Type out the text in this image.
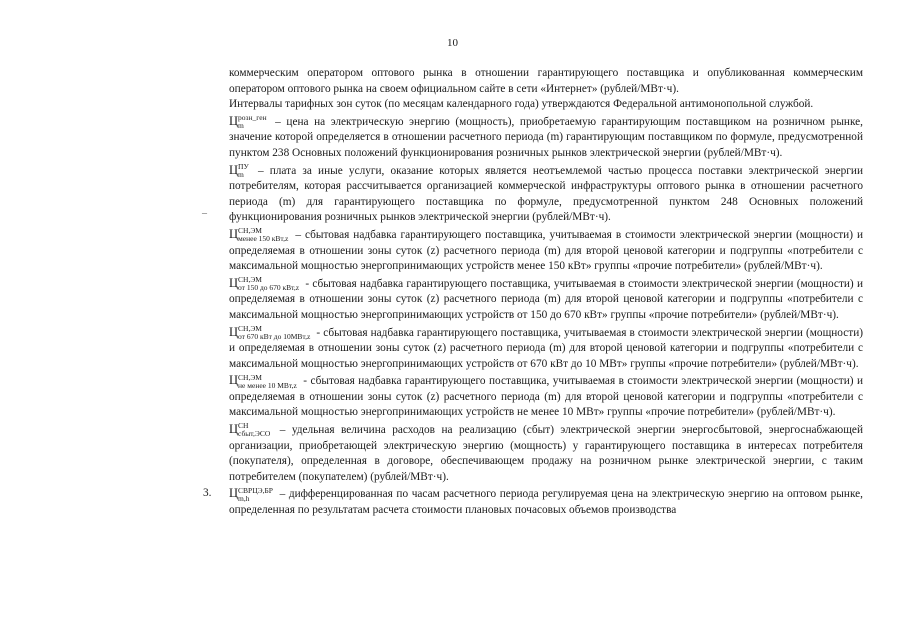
10
–

коммерческим оператором оптового рынка в отношении гарантирующего поставщика и опубликованная коммерческим оператором оптового рынка на своем официальном сайте в сети «Интернет» (рублей/МВт·ч).

Интервалы тарифных зон суток (по месяцам календарного года) утверждаются Федеральной антимонопольной службой.

Ц розн_ген
m	– цена на электрическую энергию (мощность), приобретаемую гарантирующим поставщиком на розничном рынке, значение которой определяется в отношении расчетного периода (m) гарантирующим поставщиком по формуле, предусмотренной пунктом 238 Основных положений функционирования розничных рынков электрической энергии (рублей/МВт·ч).

Ц ПУ
m	– плата за иные услуги, оказание которых является неотъемлемой частью процесса поставки электрической энергии потребителям, которая рассчитывается организацией коммерческой инфраструктуры оптового рынка в отношении расчетного периода (m) для гарантирующего поставщика по формуле, предусмотренной пунктом 248 Основных положений функционирования розничных рынков электрической энергии (рублей/МВт·ч).

Ц СН,ЭМ
менее 150 кВт,z – сбытовая надбавка гарантирующего поставщика, учитываемая в стоимости электрической энергии (мощности) и определяемая в отношении зоны суток (z) расчетного периода (m) для второй ценовой категории и подгруппы «потребители с максимальной мощностью энергопринимающих устройств менее 150 кВт» группы «прочие потребители» (рублей/МВт·ч).

Ц СН,ЭМ
от 150 до 670 кВт,z - сбытовая надбавка гарантирующего поставщика, учитываемая в стоимости электрической энергии (мощности) и определяемая в отношении зоны суток (z) расчетного периода (m) для второй ценовой категории и подгруппы «потребители с максимальной мощностью энергопринимающих устройств от 150 до 670 кВт» группы «прочие потребители» (рублей/МВт·ч).

Ц СН,ЭМ
от 670 кВт до 10МВт,z - сбытовая надбавка гарантирующего поставщика, учитываемая в стоимости электрической энергии (мощности) и определяемая в отношении зоны суток (z) расчетного периода (m) для второй ценовой категории и подгруппы «потребители с максимальной мощностью энергопринимающих устройств от 670 кВт до 10 МВт» группы «прочие потребители» (рублей/МВт·ч).

Ц СН,ЭМ
не менее 10 МВт,z - сбытовая надбавка гарантирующего поставщика, учитываемая в стоимости электрической энергии (мощности) и определяемая в отношении зоны суток (z) расчетного периода (m) для второй ценовой категории и подгруппы «потребители с максимальной мощностью энергопринимающих устройств не менее 10 МВт» группы «прочие потребители» (рублей/МВт·ч).

Ц СН
сбыт,ЭСО – удельная величина расходов на реализацию (сбыт) электрической энергии энергосбытовой, энергоснабжающей организации, приобретающей электрическую энергию (мощность) у гарантирующего поставщика в интересах потребителя (покупателя), определенная в договоре, обеспечивающем продажу на розничном рынке электрической энергии, с таким потребителем (покупателем) (рублей/МВт·ч).

3. Ц СВРЦЭ,БР
m,h	– дифференцированная по часам расчетного периода регулируемая цена на электрическую энергию на оптовом рынке, определенная по результатам расчета стоимости плановых почасовых объемов производства
